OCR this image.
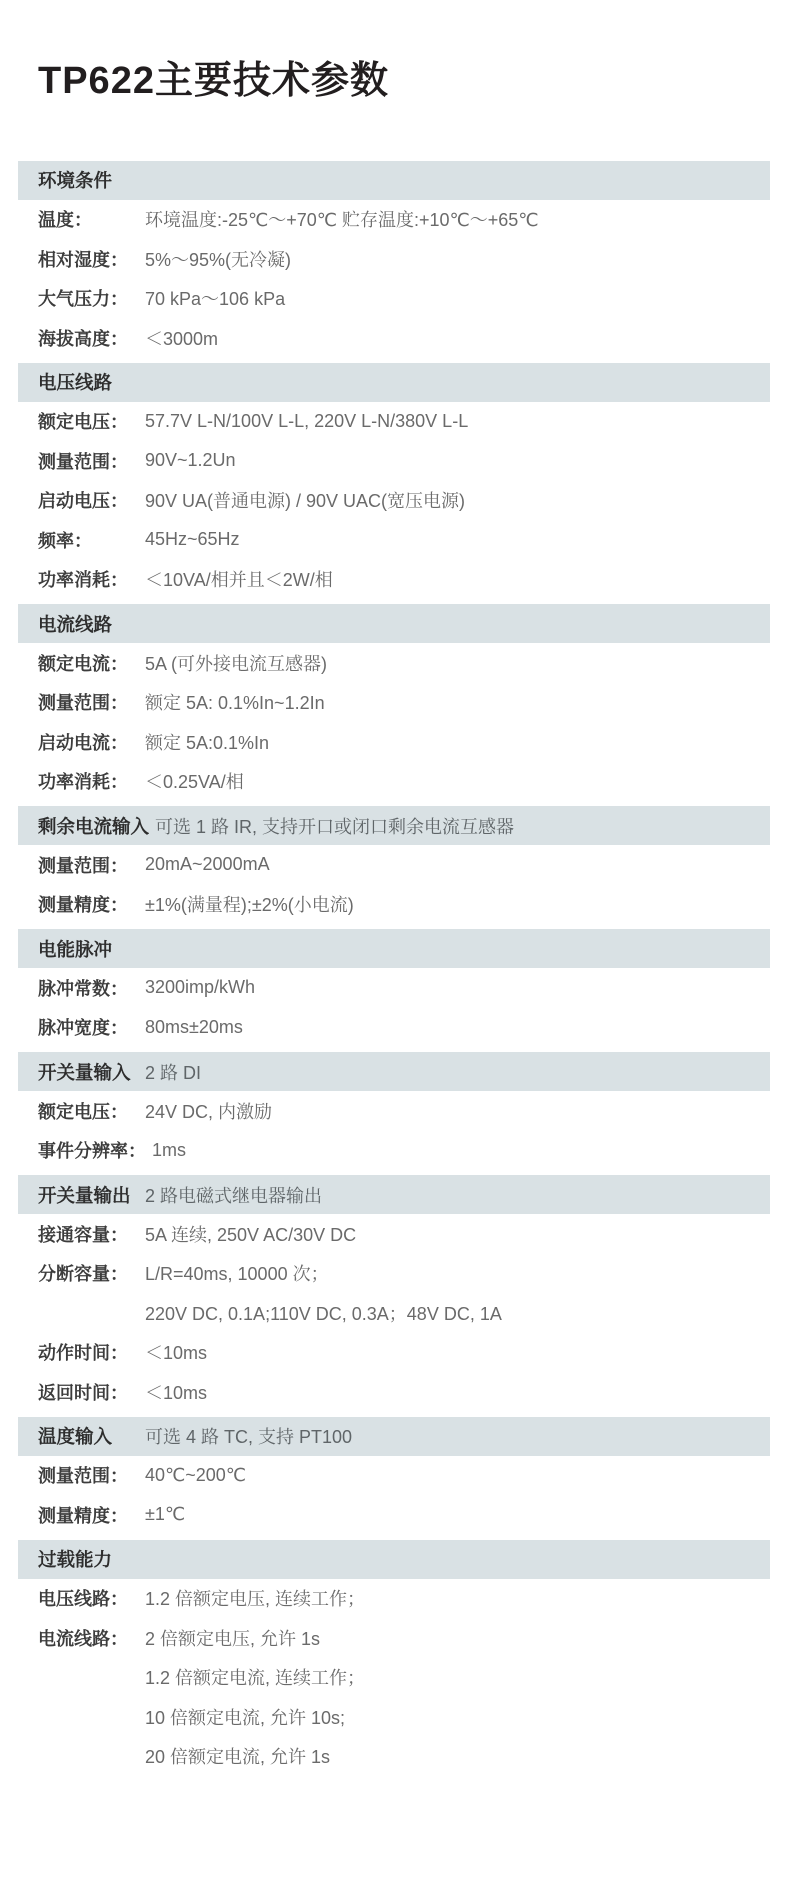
TP622主要技术参数
环境条件
温度：	环境温度:-25℃～+70℃ 贮存温度:+10℃～+65℃
相对湿度： 5%～95%(无冷凝)
大气压力： 70 kPa～106 kPa
海拔高度： ＜3000m
电压线路
额定电压： 57.7V L-N/100V L-L, 220V L-N/380V L-L
测量范围： 90V~1.2Un
启动电压： 90V UA(普通电源) / 90V UAC(宽压电源)
频率：	45Hz~65Hz
功率消耗： ＜10VA/相并且＜2W/相
电流线路
额定电流： 5A (可外接电流互感器)
测量范围： 额定 5A: 0.1%In~1.2In
启动电流： 额定 5A:0.1%In
功率消耗： ＜0.25VA/相
剩余电流输入 可选 1 路 IR, 支持开口或闭口剩余电流互感器
测量范围： 20mA~2000mA
测量精度： ±1%(满量程);±2%(小电流)
电能脉冲
脉冲常数： 3200imp/kWh
脉冲宽度： 80ms±20ms
开关量输入 2 路 DI
额定电压： 24V DC, 内激励
事件分辨率： 1ms
开关量输出 2 路电磁式继电器输出
接通容量： 5A 连续, 250V AC/30V DC
分断容量： L/R=40ms, 10000 次；
220V DC, 0.1A;110V DC, 0.3A；48V DC, 1A
动作时间： ＜10ms
返回时间： ＜10ms
温度输入	可选 4 路 TC, 支持 PT100
测量范围： 40℃~200℃
测量精度： ±1℃
过载能力
电压线路： 1.2 倍额定电压, 连续工作；
电流线路： 2 倍额定电压, 允许 1s
1.2 倍额定电流, 连续工作；
10 倍额定电流, 允许 10s;
20 倍额定电流, 允许 1s
